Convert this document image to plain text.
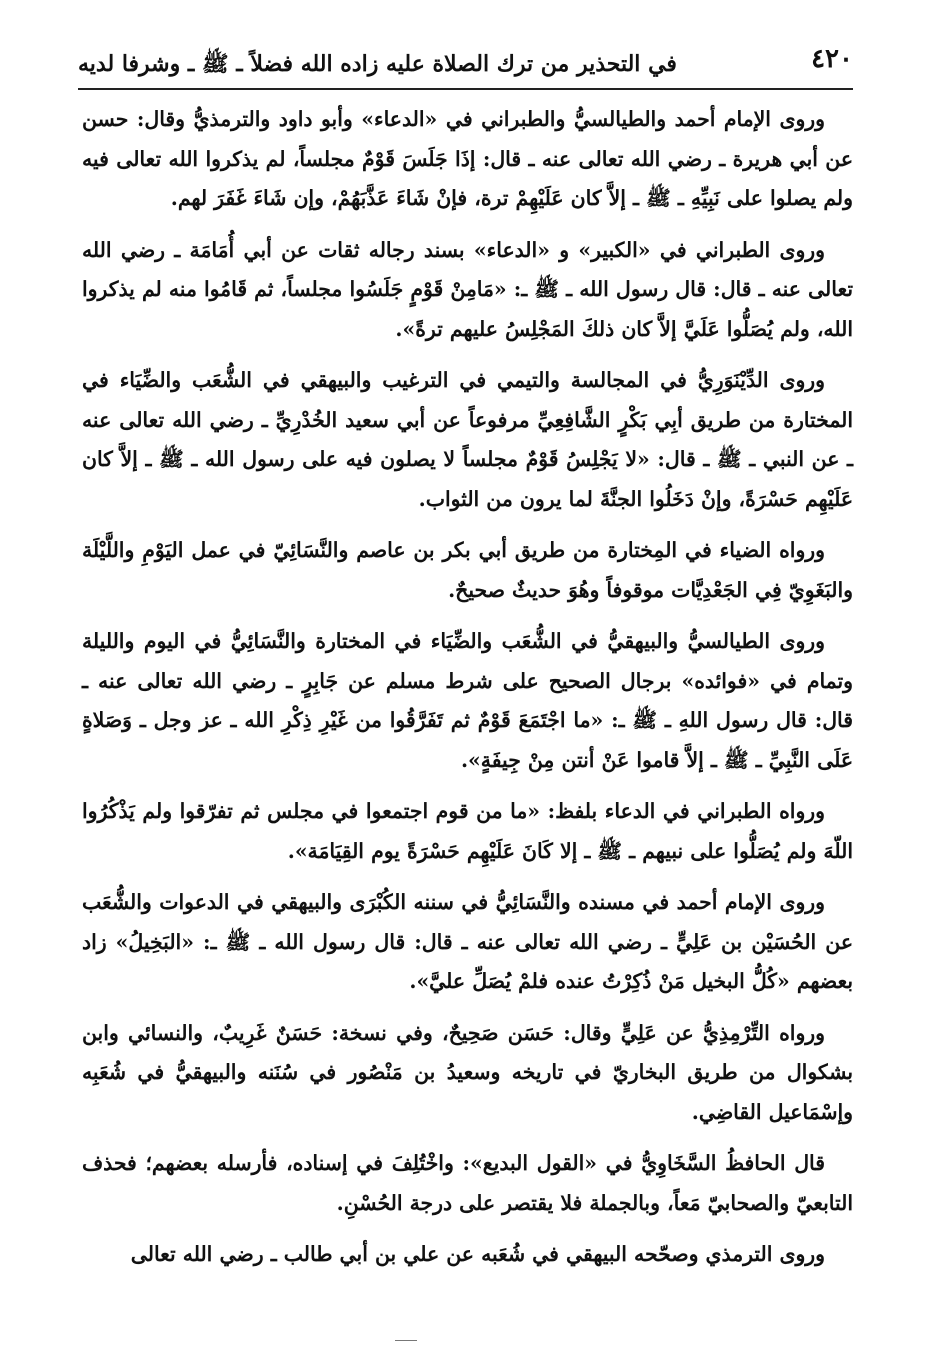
٤٢٠
في التحذير من ترك الصلاة عليه زاده الله فضلاً ـ ﷺ ـ وشرفا لديه

وروى الإمام أحمد والطيالسيُّ والطبراني في «الدعاء» وأبو داود والترمذيُّ وقال: حسن عن أبي هريرة ـ رضي الله تعالى عنه ـ قال: إذَا جَلَسَ قَوْمٌ مجلساً، لم يذكروا الله تعالى فيه ولم يصلوا على نَبِيِّهِ ـ ﷺ ـ إلاَّ كان عَلَيْهِمْ ترة، فإنْ شَاءَ عَذَّبَهُمْ، وإن شَاءَ غَفَرَ لهم.

وروى الطبراني في «الكبير» و «الدعاء» بسند رجاله ثقات عن أبي أُمَامَة ـ رضي الله تعالى عنه ـ قال: قال رسول الله ـ ﷺ ـ: «مَامِنْ قَوْمٍ جَلَسُوا مجلساً، ثم قَامُوا منه لم يذكروا الله، ولم يُصَلُّوا عَلَيَّ إلاَّ كان ذلكَ المَجْلِسُ عليهم ترةً».

وروى الدِّيْنَوَرِيُّ في المجالسة والتيمي في الترغيب والبيهقي في الشُّعَب والضِّيَاء في المختارة من طريق أبِي بَكْرٍ الشَّافِعِيِّ مرفوعاً عن أبي سعيد الخُدْرِيِّ ـ رضي الله تعالى عنه ـ عن النبي ـ ﷺ ـ قال: «لا يَجْلِسُ قَوْمٌ مجلساً لا يصلون فيه على رسول الله ـ ﷺ ـ إلاَّ كان عَلَيْهِم حَسْرَةً، وإنْ دَخَلُوا الجنَّةَ لما يرون من الثواب.

ورواه الضياء في المِختارة من طريق أبي بكر بن عاصم والنَّسَائِيّ في عمل اليَوْمِ واللَّيْلَة والبَغَوِيّ فِي الجَعْدِيَّات موقوفاً وهُوَ حديثٌ صحيحٌ.

وروى الطيالسيُّ والبيهقيُّ في الشُّعَب والضِّيَاء في المختارة والنَّسَائِيُّ في اليوم والليلة وتمام في «فوائده» برجال الصحيح على شرط مسلم عن جَابِرٍ ـ رضي الله تعالى عنه ـ قال: قال رسول اللهِ ـ ﷺ ـ: «ما اجْتَمَعَ قَوْمٌ ثم تَفَرَّقُوا من غَيْرِ ذِكْرِ الله ـ عز وجل ـ وَصَلاةٍ عَلَى النَّبِيِّ ـ ﷺ ـ إلاَّ قاموا عَنْ أنتن مِنْ جِيفَةٍ».

ورواه الطبراني في الدعاء بلفظ: «ما من قوم اجتمعوا في مجلس ثم تفرّقوا ولم يَذْكُرُوا اللّهَ ولم يُصَلُّوا على نبيهم ـ ﷺ ـ إلا كَانَ عَلَيْهِم حَسْرَةً يوم القِيَامَة».

وروى الإمام أحمد في مسنده والنَّسَائِيُّ في سننه الكُبْرَى والبيهقي في الدعوات والشُّعَب عن الحُسَيْن بن عَلِيٍّ ـ رضي الله تعالى عنه ـ قال: قال رسول الله ـ ﷺ ـ: «البَخِيلُ» زاد بعضهم «كُلُّ البخيل مَنْ ذُكِرْتُ عنده فلمْ يُصَلِّ عليَّ».

ورواه التِّرْمِذِيُّ عن عَلِيٍّ وقال: حَسَن صَحِيحٌ، وفي نسخة: حَسَنٌ غَرِيبٌ، والنسائي وابن بشكوال من طريق البخاريّ في تاريخه وسعيدُ بن مَنْصُور في سُنَنه والبيهقيُّ في شُعَبِه وإسْمَاعيل القاضِي.

قال الحافظُ السَّخَاوِيُّ في «القول البديع»: واخْتُلِفَ في إسناده، فأرسله بعضهم؛ فحذف التابعيّ والصحابيّ مَعاً، وبالجملة فلا يقتصر على درجة الحُسْنِ.

وروى الترمذي وصحّحه البيهقي في شُعَبه عن علي بن أبي طالب ـ رضي الله تعالى
